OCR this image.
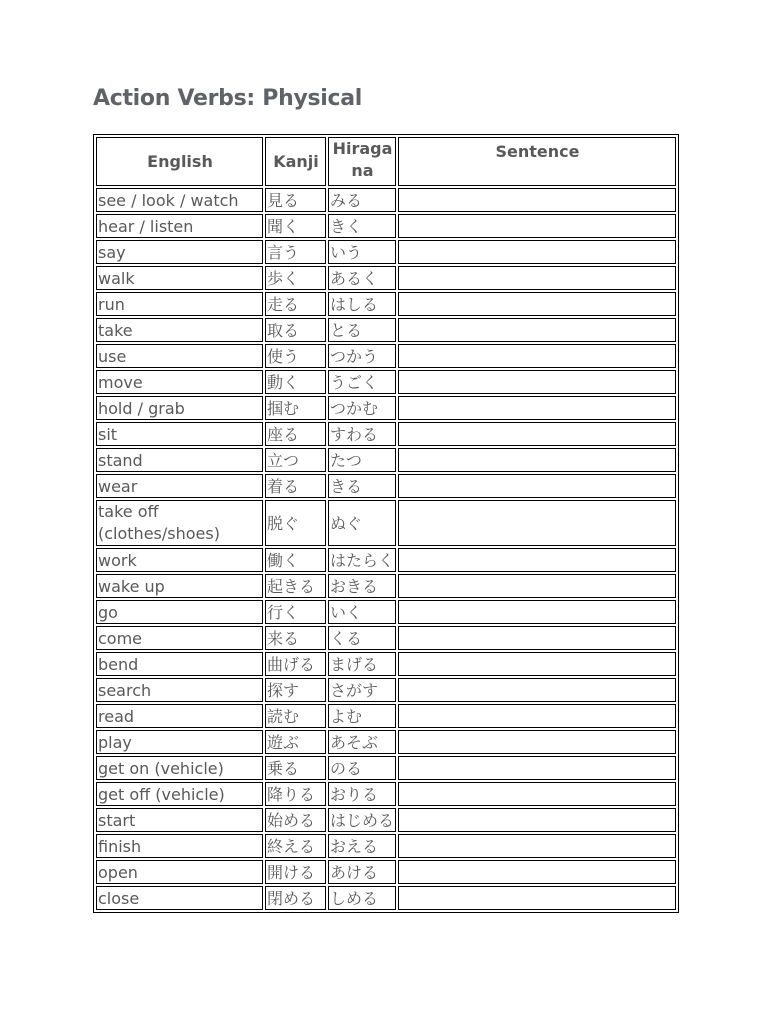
Action Verbs: Physical
English	Kanji	Hiragana	Sentence
see / look / watch	見る	みる	
hear / listen	聞く	きく	
say	言う	いう	
walk	歩く	あるく	
run	走る	はしる	
take	取る	とる	
use	使う	つかう	
move	動く	うごく	
hold / grab	掴む	つかむ	
sit	座る	すわる	
stand	立つ	たつ	
wear	着る	きる	
take off (clothes/shoes)	脱ぐ	ぬぐ	
work	働く	はたらく	
wake up	起きる	おきる	
go	行く	いく	
come	来る	くる	
bend	曲げる	まげる	
search	探す	さがす	
read	読む	よむ	
play	遊ぶ	あそぶ	
get on (vehicle)	乗る	のる	
get off (vehicle)	降りる	おりる	
start	始める	はじめる	
finish	終える	おえる	
open	開ける	あける	
close	閉める	しめる	
